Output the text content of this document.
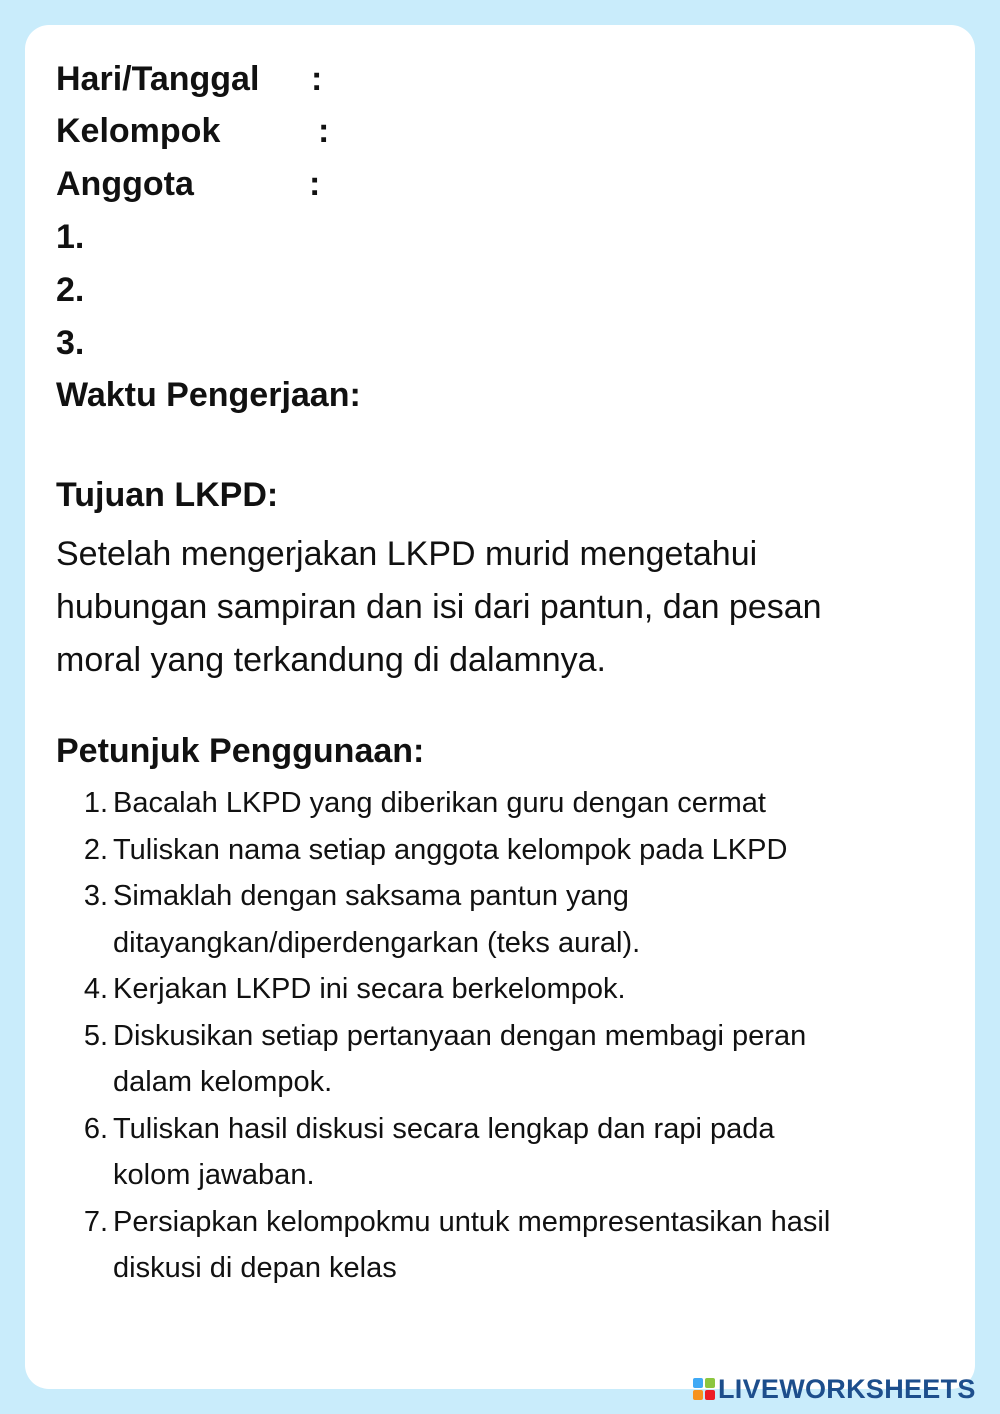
Hari/Tanggal :
Kelompok	:
Anggota	:
1.
2.
3.
Waktu Pengerjaan:
Tujuan LKPD:
Setelah mengerjakan LKPD murid mengetahui
hubungan sampiran dan isi dari pantun, dan pesan
moral yang terkandung di dalamnya.
Petunjuk Penggunaan:
1. Bacalah LKPD yang diberikan guru dengan cermat
2. Tuliskan nama setiap anggota kelompok pada LKPD
3. Simaklah dengan saksama pantun yang
ditayangkan/diperdengarkan (teks aural).
4. Kerjakan LKPD ini secara berkelompok.
5. Diskusikan setiap pertanyaan dengan membagi peran
dalam kelompok.
6. Tuliskan hasil diskusi secara lengkap dan rapi pada
kolom jawaban.
7. Persiapkan kelompokmu untuk mempresentasikan hasil
diskusi di depan kelas
LIVEWORKSHEETS
